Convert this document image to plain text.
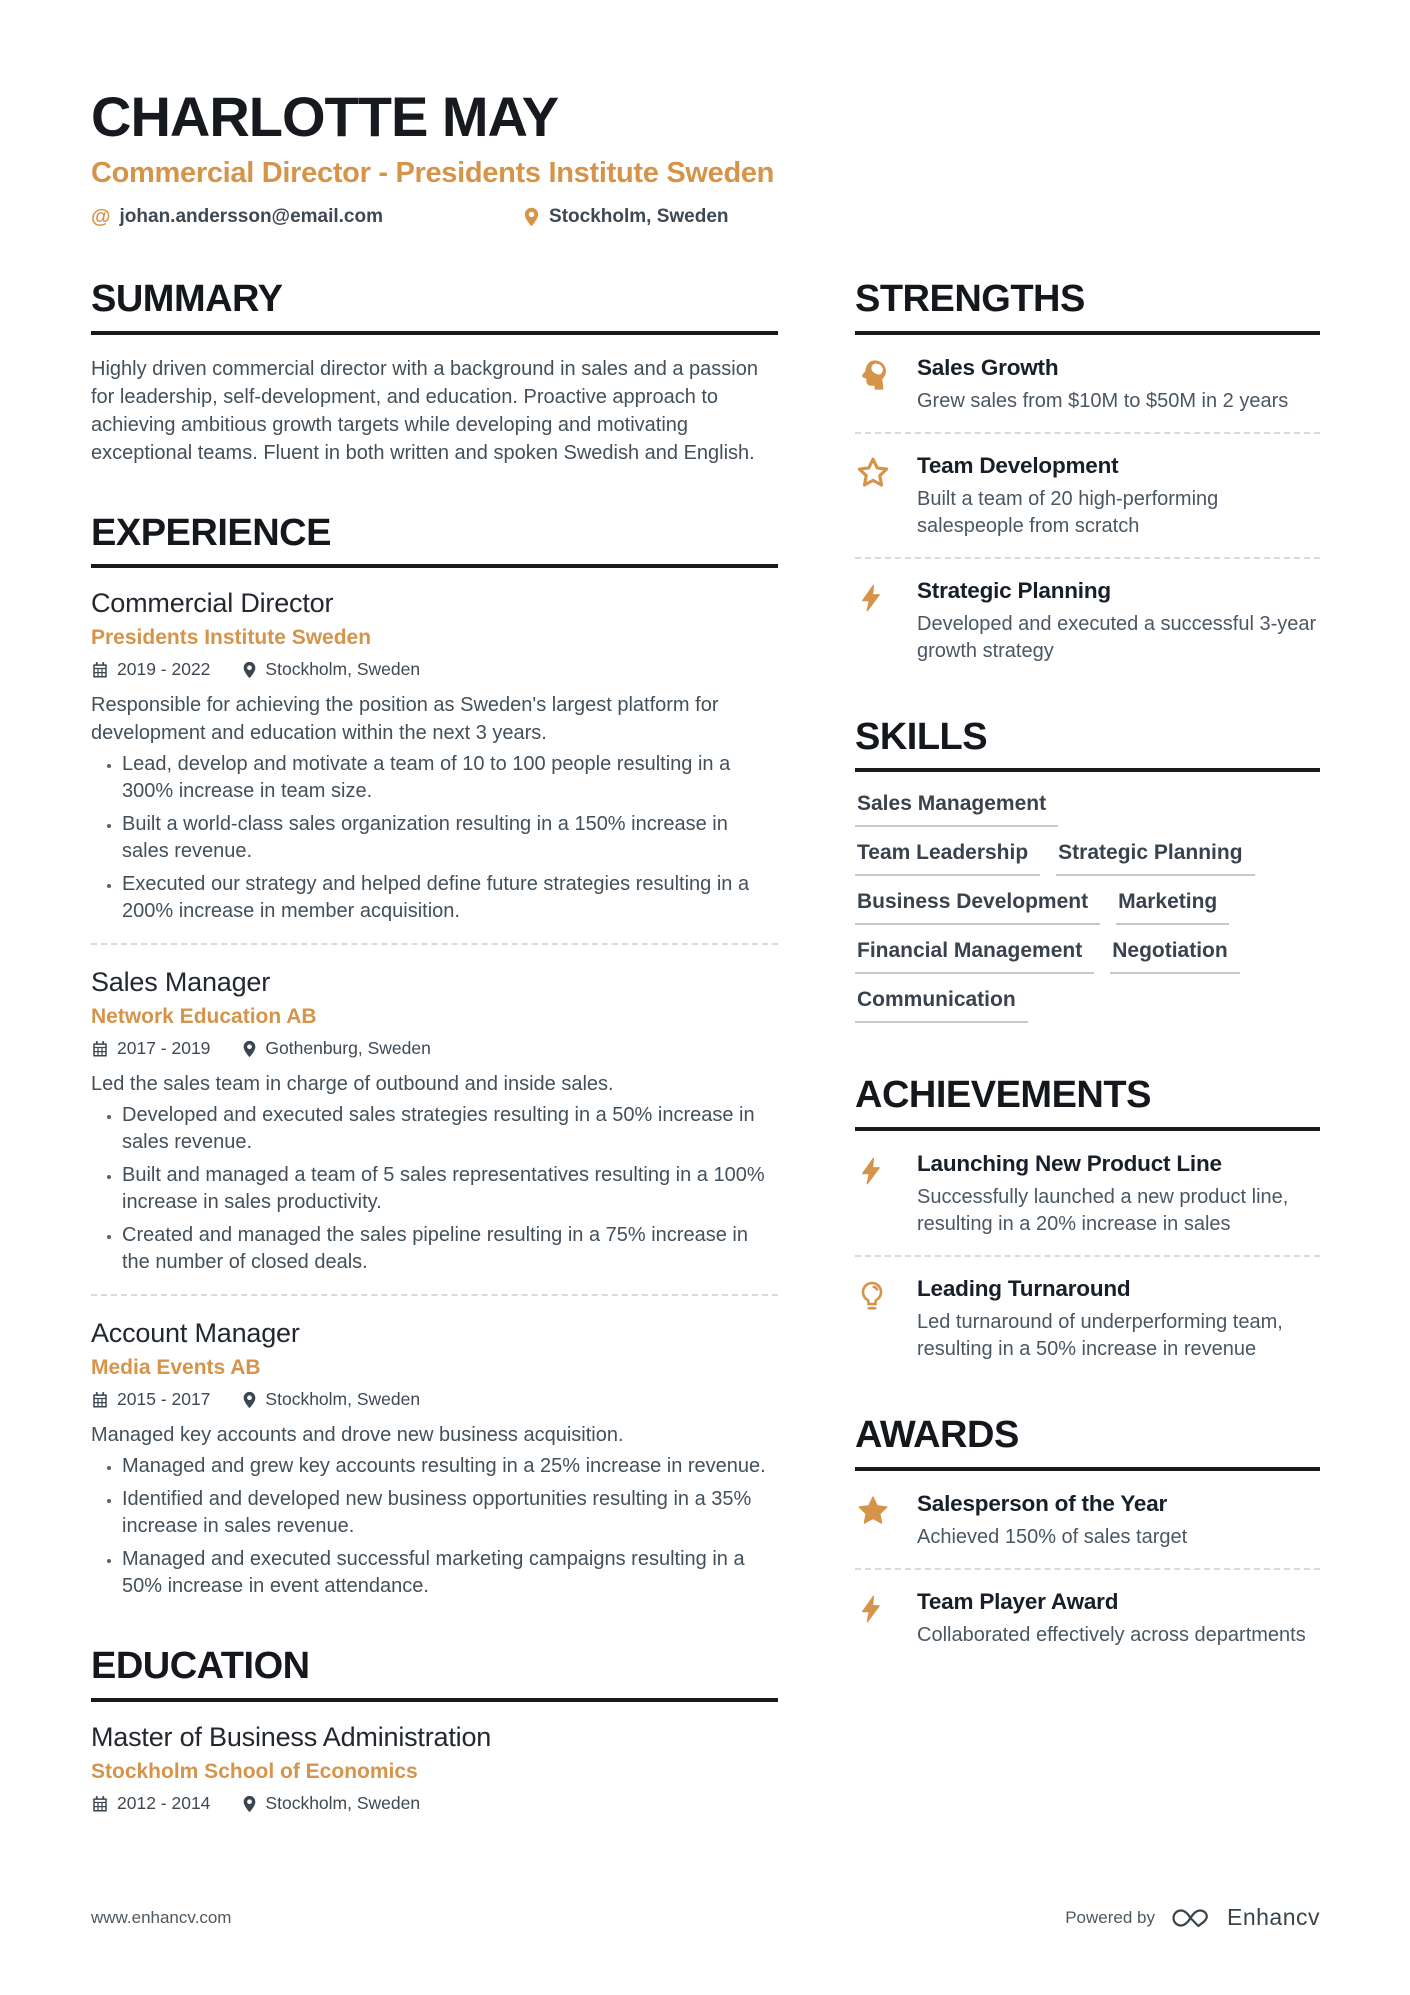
CHARLOTTE MAY
Commercial Director - Presidents Institute Sweden
@ johan.andersson@email.com	Stockholm, Sweden
SUMMARY

Highly driven commercial director with a background in sales and a passion for leadership, self-development, and education. Proactive approach to achieving ambitious growth targets while developing and motivating exceptional teams. Fluent in both written and spoken Swedish and English.

EXPERIENCE
Commercial Director
Presidents Institute Sweden
2019 - 2022	Stockholm, Sweden

Responsible for achieving the position as Sweden's largest platform for development and education within the next 3 years.

• Lead, develop and motivate a team of 10 to 100 people resulting in a 300% increase in team size.
• Built a world-class sales organization resulting in a 150% increase in sales revenue.
• Executed our strategy and helped define future strategies resulting in a 200% increase in member acquisition.
Sales Manager
Network Education AB
2017 - 2019	Gothenburg, Sweden

Led the sales team in charge of outbound and inside sales.

• Developed and executed sales strategies resulting in a 50% increase in sales revenue.
• Built and managed a team of 5 sales representatives resulting in a 100% increase in sales productivity.
• Created and managed the sales pipeline resulting in a 75% increase in the number of closed deals.
Account Manager
Media Events AB
2015 - 2017	Stockholm, Sweden

Managed key accounts and drove new business acquisition.

• Managed and grew key accounts resulting in a 25% increase in revenue.
• Identified and developed new business opportunities resulting in a 35% increase in sales revenue.
• Managed and executed successful marketing campaigns resulting in a 50% increase in event attendance.
EDUCATION
Master of Business Administration
Stockholm School of Economics
2012 - 2014	Stockholm, Sweden
STRENGTHS
Sales Growth
Grew sales from $10M to $50M in 2 years
Team Development
Built a team of 20 high-performing salespeople from scratch
Strategic Planning
Developed and executed a successful 3-year growth strategy
SKILLS
Sales Management
Team Leadership	Strategic Planning
Business Development	Marketing
Financial Management	Negotiation
Communication
ACHIEVEMENTS
Launching New Product Line
Successfully launched a new product line, resulting in a 20% increase in sales
Leading Turnaround
Led turnaround of underperforming team, resulting in a 50% increase in revenue
AWARDS
Salesperson of the Year
Achieved 150% of sales target
Team Player Award
Collaborated effectively across departments
www.enhancv.com	Powered by	Enhancv
